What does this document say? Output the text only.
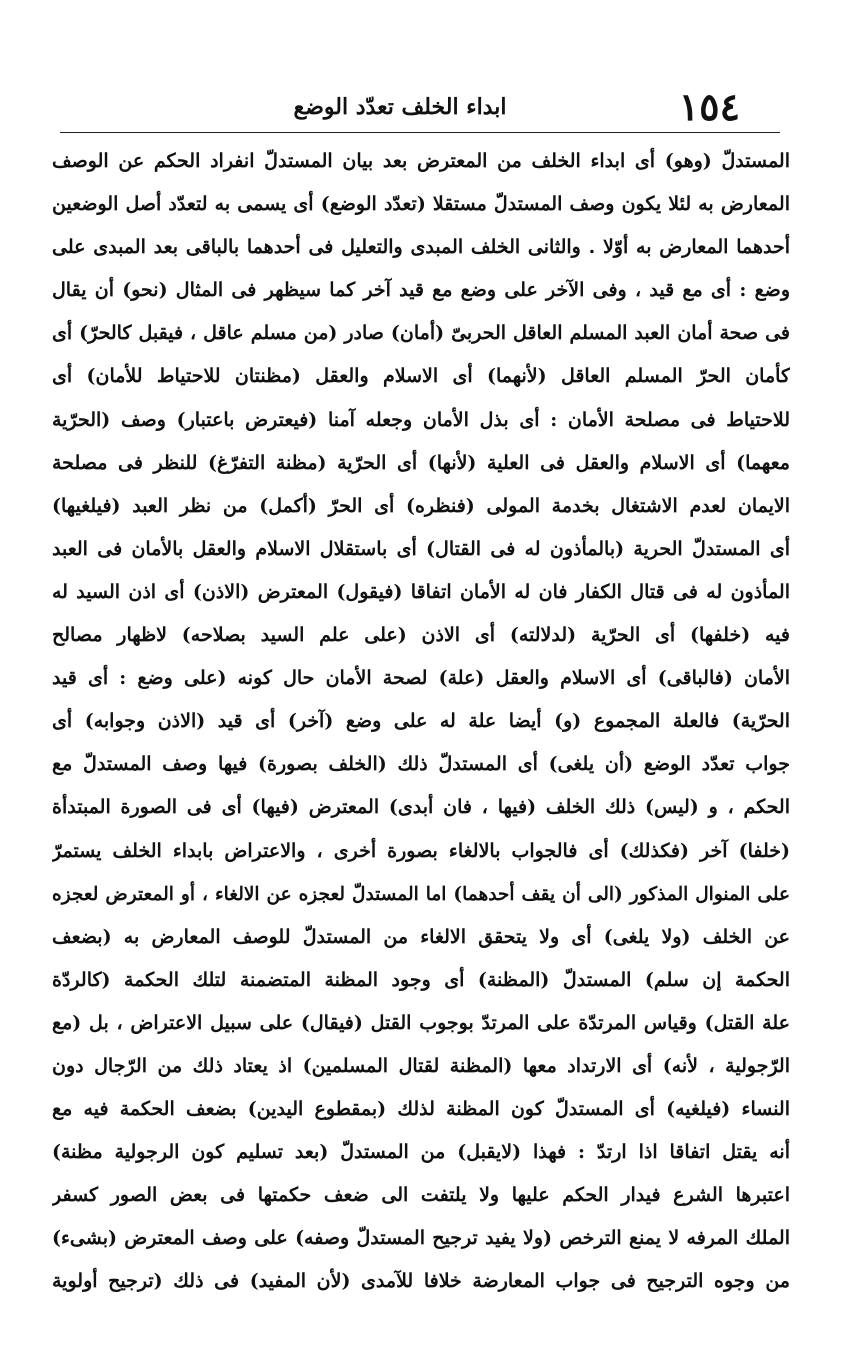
١٥٤
ابداء الخلف تعدّد الوضع
المستدلّ (وهو) أى ابداء الخلف من المعترض بعد بيان المستدلّ انفراد الحكم عن الوصف
المعارض به لئلا يكون وصف المستدلّ مستقلا (تعدّد الوضع) أى يسمى به لتعدّد أصل الوضعين
أحدهما المعارض به أوّلا . والثانى الخلف المبدى والتعليل فى أحدهما بالباقى بعد المبدى على
وضع : أى مع قيد ، وفى الآخر على وضع مع قيد آخر كما سيظهر فى المثال (نحو) أن يقال
فى صحة أمان العبد المسلم العاقل الحربىّ (أمان) صادر (من مسلم عاقل ، فيقبل كالحرّ) أى
كأمان الحرّ المسلم العاقل (لأنهما) أى الاسلام والعقل (مظنتان للاحتياط للأمان) أى
للاحتياط فى مصلحة الأمان : أى بذل الأمان وجعله آمنا (فيعترض باعتبار) وصف (الحرّية
معهما) أى الاسلام والعقل فى العلية (لأنها) أى الحرّية (مظنة التفرّغ) للنظر فى مصلحة
الايمان لعدم الاشتغال بخدمة المولى (فنظره) أى الحرّ (أكمل) من نظر العبد (فيلغيها)
أى المستدلّ الحرية (بالمأذون له فى القتال) أى باستقلال الاسلام والعقل بالأمان فى العبد
المأذون له فى قتال الكفار فان له الأمان اتفاقا (فيقول) المعترض (الاذن) أى اذن السيد له
فيه (خلفها) أى الحرّية (لدلالته) أى الاذن (على علم السيد بصلاحه) لاظهار مصالح
الأمان (فالباقى) أى الاسلام والعقل (علة) لصحة الأمان حال كونه (على وضع : أى قيد
الحرّية) فالعلة المجموع (و) أيضا علة له على وضع (آخر) أى قيد (الاذن وجوابه) أى
جواب تعدّد الوضع (أن يلغى) أى المستدلّ ذلك (الخلف بصورة) فيها وصف المستدلّ مع
الحكم ، و (ليس) ذلك الخلف (فيها ، فان أبدى) المعترض (فيها) أى فى الصورة المبتدأة
(خلفا) آخر (فكذلك) أى فالجواب بالالغاء بصورة أخرى ، والاعتراض بابداء الخلف يستمرّ
على المنوال المذكور (الى أن يقف أحدهما) اما المستدلّ لعجزه عن الالغاء ، أو المعترض لعجزه
عن الخلف (ولا يلغى) أى ولا يتحقق الالغاء من المستدلّ للوصف المعارض به (بضعف
الحكمة إن سلم) المستدلّ (المظنة) أى وجود المظنة المتضمنة لتلك الحكمة (كالردّة
علة القتل) وقياس المرتدّة على المرتدّ بوجوب القتل (فيقال) على سبيل الاعتراض ، بل (مع
الرّجولية ، لأنه) أى الارتداد معها (المظنة لقتال المسلمين) اذ يعتاد ذلك من الرّجال دون
النساء (فيلغيه) أى المستدلّ كون المظنة لذلك (بمقطوع اليدين) بضعف الحكمة فيه مع
أنه يقتل اتفاقا اذا ارتدّ : فهذا (لايقبل) من المستدلّ (بعد تسليم كون الرجولية مظنة)
اعتبرها الشرع فيدار الحكم عليها ولا يلتفت الى ضعف حكمتها فى بعض الصور كسفر
الملك المرفه لا يمنع الترخص (ولا يفيد ترجيح المستدلّ وصفه) على وصف المعترض (بشىء)
من وجوه الترجيح فى جواب المعارضة خلافا للآمدى (لأن المفيد) فى ذلك (ترجيح أولوية
